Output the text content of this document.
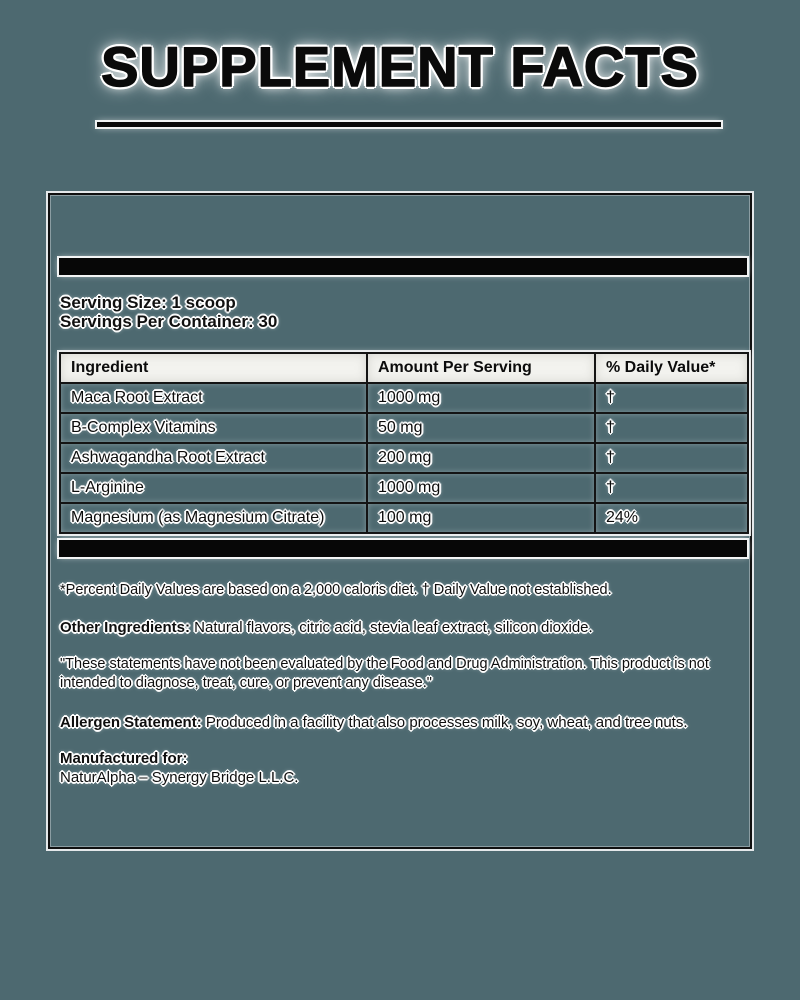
SUPPLEMENT FACTS
Serving Size: 1 scoop
Servings Per Container: 30
Ingredient	Amount Per Serving	% Daily Value*
Maca Root Extract	1000 mg	†
B-Complex Vitamins	50 mg	†
Ashwagandha Root Extract	200 mg	†
L-Arginine	1000 mg	†
Magnesium (as Magnesium Citrate)	100 mg	24%
*Percent Daily Values are based on a 2,000 caloris diet. † Daily Value not established.
Other Ingredients: Natural flavors, citric acid, stevia leaf extract, silicon dioxide.
"These statements have not been evaluated by the Food and Drug Administration. This product is not intended to diagnose, treat, cure, or prevent any disease."
Allergen Statement: Produced in a facility that also processes milk, soy, wheat, and tree nuts.
Manufactured for:
NaturAlpha – Synergy Bridge L.L.C.
